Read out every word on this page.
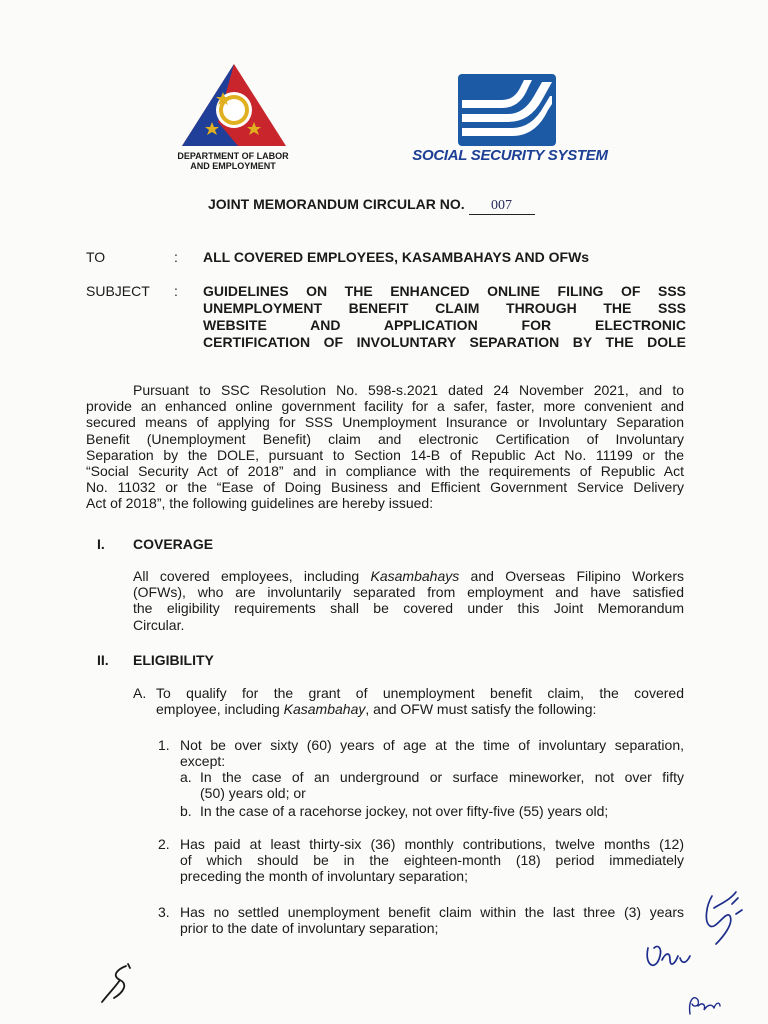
DEPARTMENT OF LABOR
AND EMPLOYMENT
SOCIAL SECURITY SYSTEM
JOINT MEMORANDUM CIRCULAR NO. 007
TO	: ALL COVERED EMPLOYEES, KASAMBAHAYS AND OFWs
SUBJECT : GUIDELINES ON THE ENHANCED ONLINE FILING OF SSS
UNEMPLOYMENT BENEFIT CLAIM THROUGH THE SSS
WEBSITE AND APPLICATION FOR ELECTRONIC
CERTIFICATION OF INVOLUNTARY SEPARATION BY THE DOLE
Pursuant to SSC Resolution No. 598-s.2021 dated 24 November 2021, and to
provide an enhanced online government facility for a safer, faster, more convenient and
secured means of applying for SSS Unemployment Insurance or Involuntary Separation
Benefit (Unemployment Benefit) claim and electronic Certification of Involuntary
Separation by the DOLE, pursuant to Section 14-B of Republic Act No. 11199 or the
“Social Security Act of 2018” and in compliance with the requirements of Republic Act
No. 11032 or the “Ease of Doing Business and Efficient Government Service Delivery
Act of 2018”, the following guidelines are hereby issued:
I. COVERAGE
All covered employees, including Kasambahays and Overseas Filipino Workers
(OFWs), who are involuntarily separated from employment and have satisfied
the eligibility requirements shall be covered under this Joint Memorandum
Circular.
II. ELIGIBILITY
A. To qualify for the grant of unemployment benefit claim, the covered
employee, including Kasambahay, and OFW must satisfy the following:
1. Not be over sixty (60) years of age at the time of involuntary separation,
except:
a. In the case of an underground or surface mineworker, not over fifty
(50) years old; or
b. In the case of a racehorse jockey, not over fifty-five (55) years old;
2. Has paid at least thirty-six (36) monthly contributions, twelve months (12)
of which should be in the eighteen-month (18) period immediately
preceding the month of involuntary separation;
3. Has no settled unemployment benefit claim within the last three (3) years
prior to the date of involuntary separation;
